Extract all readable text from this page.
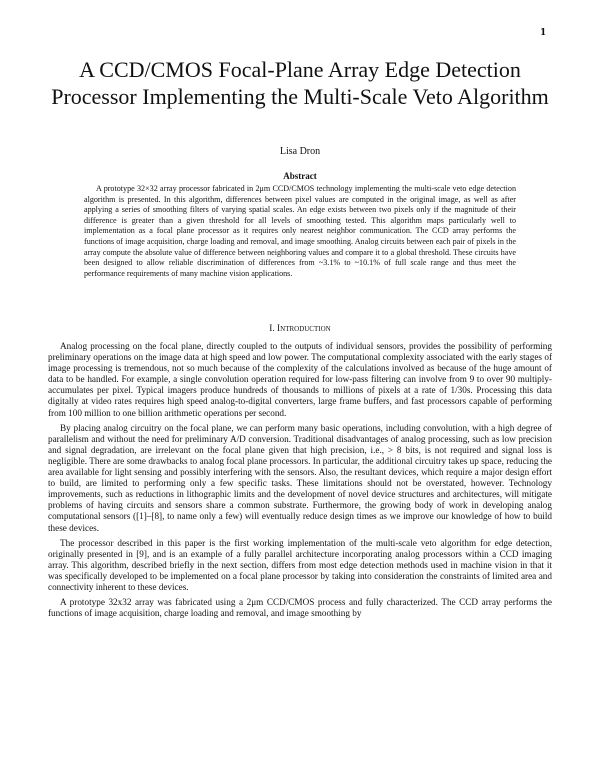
1
A CCD/CMOS Focal-Plane Array Edge Detection Processor Implementing the Multi-Scale Veto Algorithm
Lisa Dron
Abstract

A prototype 32×32 array processor fabricated in 2μm CCD/CMOS technology implementing the multi-scale veto edge detection algorithm is presented. In this algorithm, differences between pixel values are computed in the original image, as well as after applying a series of smoothing filters of varying spatial scales. An edge exists between two pixels only if the magnitude of their difference is greater than a given threshold for all levels of smoothing tested. This algorithm maps particularly well to implementation as a focal plane processor as it requires only nearest neighbor communication. The CCD array performs the functions of image acquisition, charge loading and removal, and image smoothing. Analog circuits between each pair of pixels in the array compute the absolute value of difference between neighboring values and compare it to a global threshold. These circuits have been designed to allow reliable discrimination of differences from ~3.1% to ~10.1% of full scale range and thus meet the performance requirements of many machine vision applications.

I. Introduction

Analog processing on the focal plane, directly coupled to the outputs of individual sensors, provides the possibility of performing preliminary operations on the image data at high speed and low power. The computational complexity associated with the early stages of image processing is tremendous, not so much because of the complexity of the calculations involved as because of the huge amount of data to be handled. For example, a single convolution operation required for low-pass filtering can involve from 9 to over 90 multiply-accumulates per pixel. Typical imagers produce hundreds of thousands to millions of pixels at a rate of 1/30s. Processing this data digitally at video rates requires high speed analog-to-digital converters, large frame buffers, and fast processors capable of performing from 100 million to one billion arithmetic operations per second.

By placing analog circuitry on the focal plane, we can perform many basic operations, including convolution, with a high degree of parallelism and without the need for preliminary A/D conversion. Traditional disadvantages of analog processing, such as low precision and signal degradation, are irrelevant on the focal plane given that high precision, i.e., > 8 bits, is not required and signal loss is negligible. There are some drawbacks to analog focal plane processors. In particular, the additional circuitry takes up space, reducing the area available for light sensing and possibly interfering with the sensors. Also, the resultant devices, which require a major design effort to build, are limited to performing only a few specific tasks. These limitations should not be overstated, however. Technology improvements, such as reductions in lithographic limits and the development of novel device structures and architectures, will mitigate problems of having circuits and sensors share a common substrate. Furthermore, the growing body of work in developing analog computational sensors ([1]–[8], to name only a few) will eventually reduce design times as we improve our knowledge of how to build these devices.

The processor described in this paper is the first working implementation of the multi-scale veto algorithm for edge detection, originally presented in [9], and is an example of a fully parallel architecture incorporating analog processors within a CCD imaging array. This algorithm, described briefly in the next section, differs from most edge detection methods used in machine vision in that it was specifically developed to be implemented on a focal plane processor by taking into consideration the constraints of limited area and connectivity inherent to these devices.

A prototype 32x32 array was fabricated using a 2μm CCD/CMOS process and fully characterized. The CCD array performs the functions of image acquisition, charge loading and removal, and image smoothing by
